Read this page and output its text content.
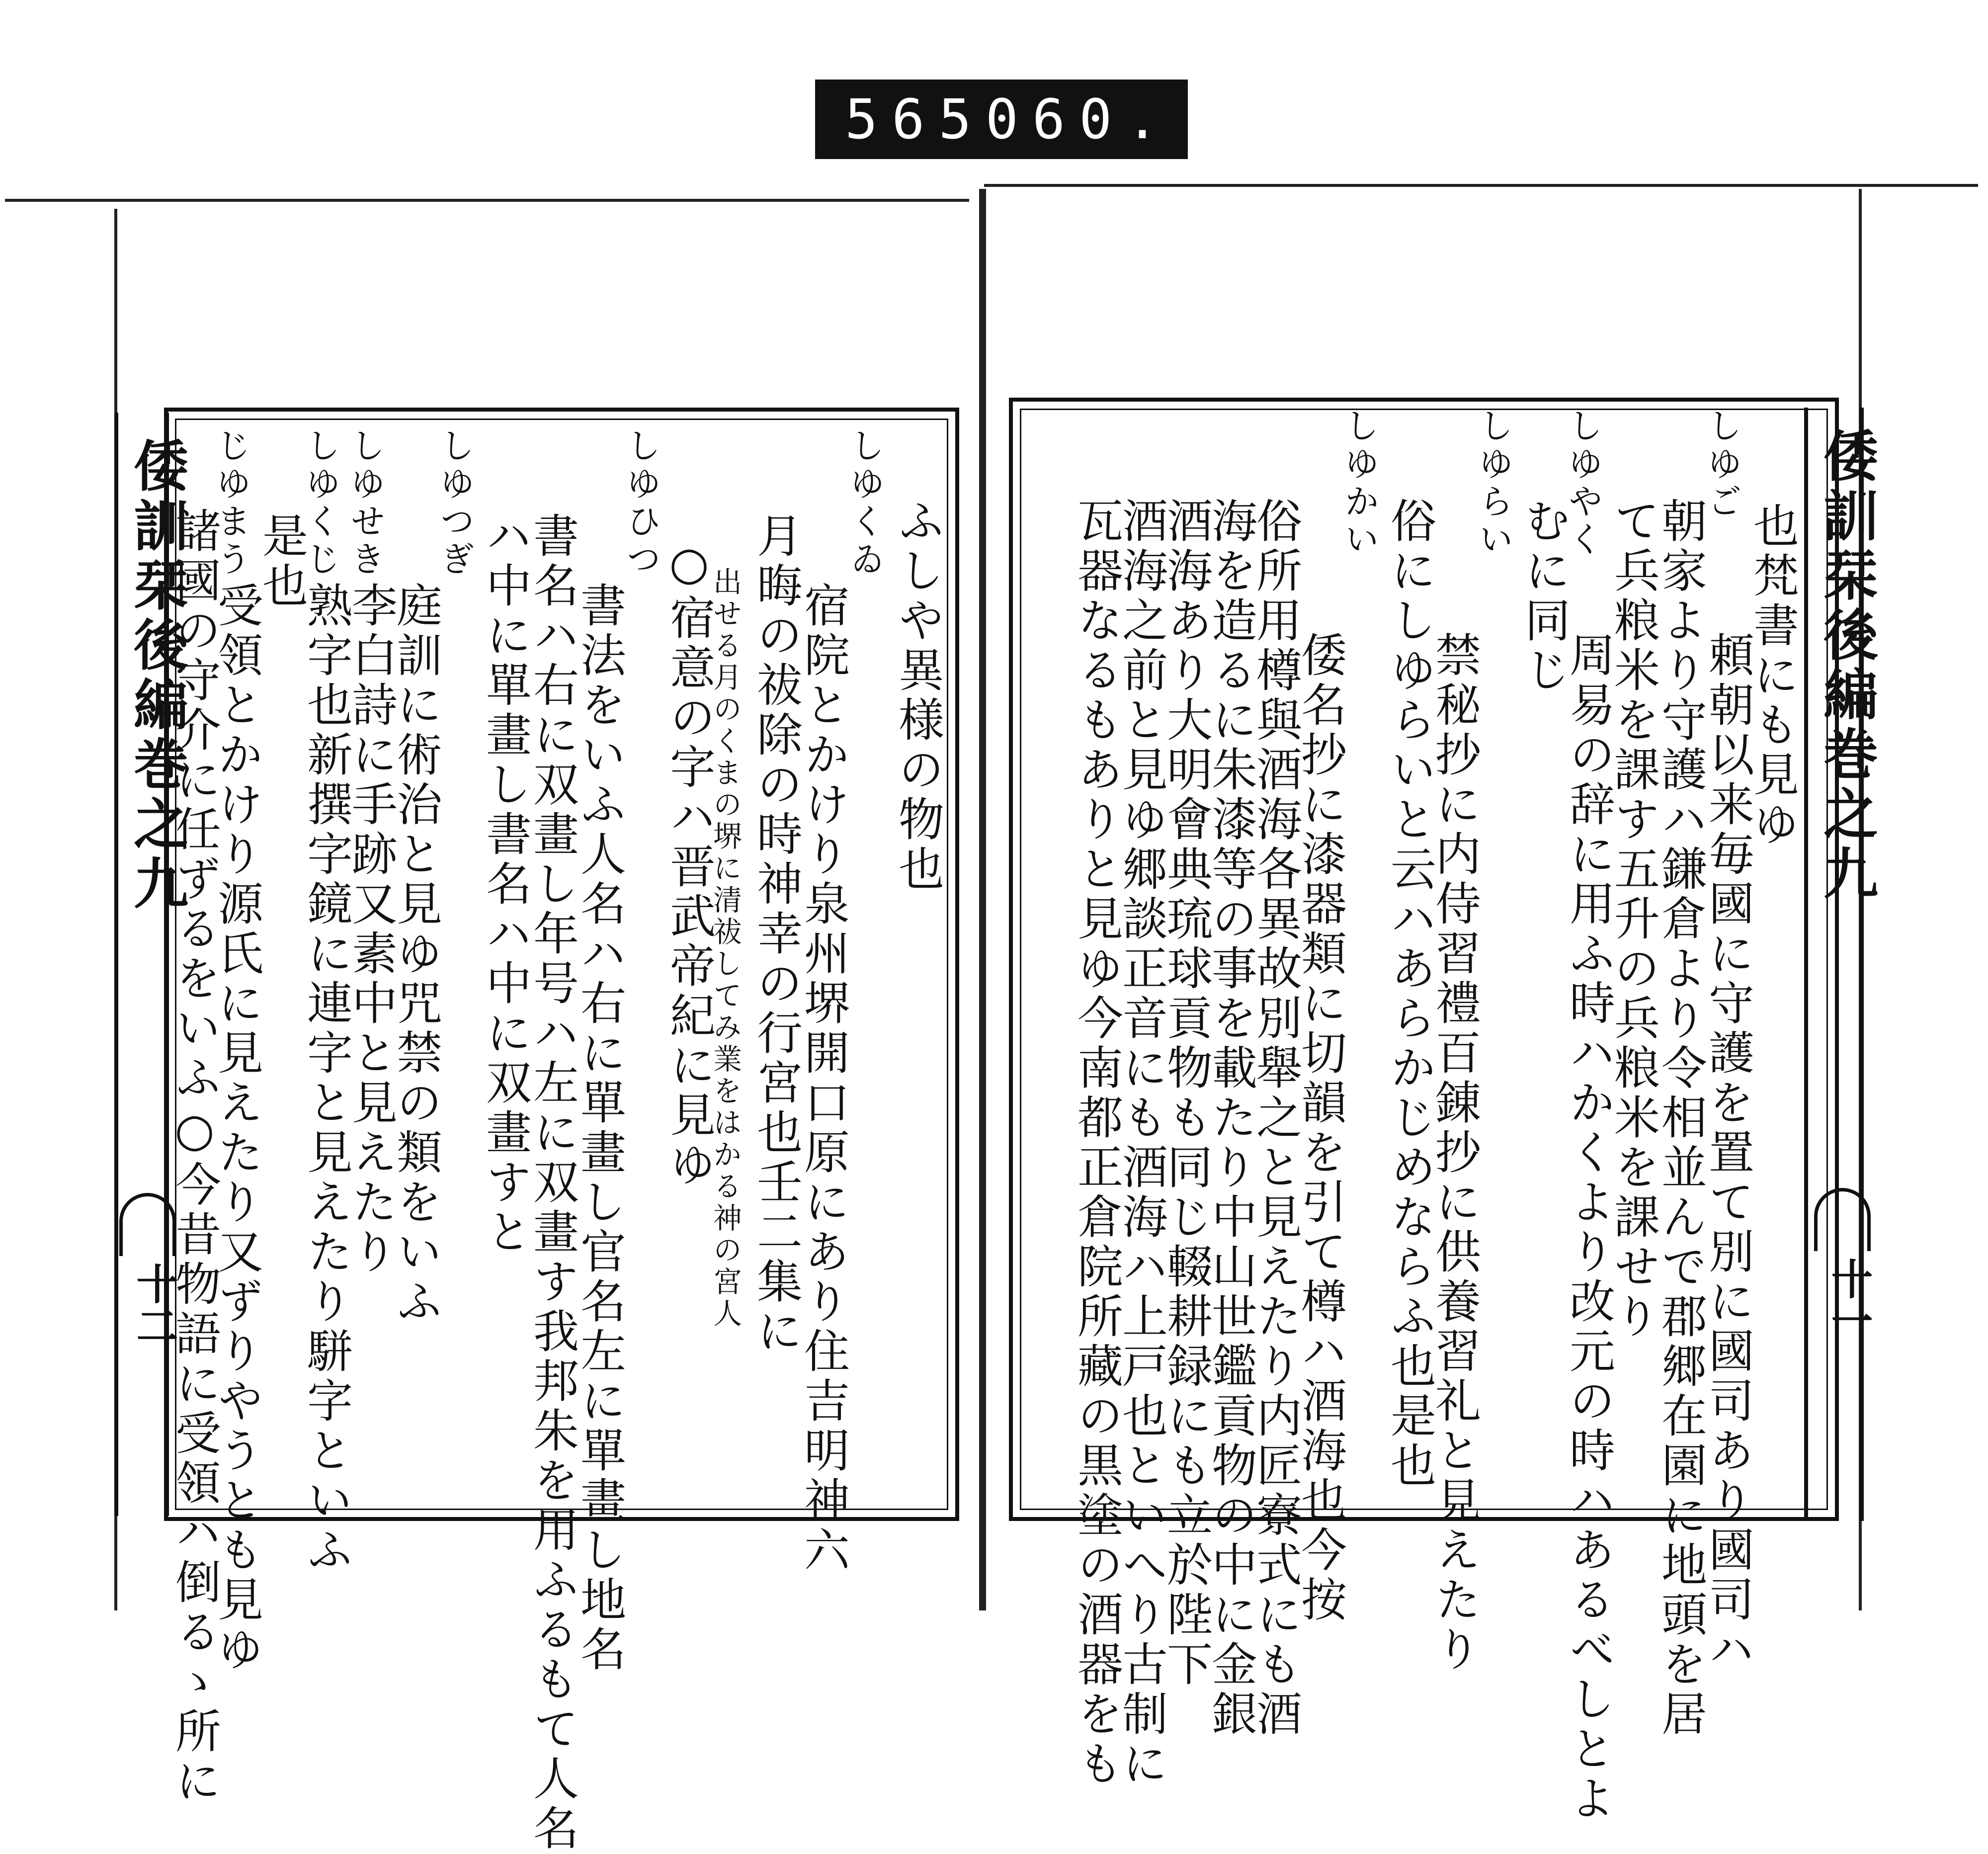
565 060.
倭訓栞後編巻之九
十二
ふしや異様の物也
しゆくゐ
宿院とかけり泉州堺開口原にあり住吉明神六
月晦の祓除の時神幸の行宮也壬二集に
出せる月のくまの堺に清祓してみ業をはかる神の宮人
○宿意の字ハ晋武帝紀に見ゆ
しゆひつ
書法をいふ人名ハ右に單畫し官名左に單畫し地名
書名ハ右に双畫し年号ハ左に双畫す我邦朱を用ふるもて人名
ハ中に單畫し書名ハ中に双畫すと
しゆつぎ
庭訓に術治と見ゆ咒禁の類をいふ
しゆせき
李白詩に手跡又素中と見えたり
しゆくじ
熟字也新撰字鏡に連字と見えたり駢字といふ
是也
じゆまう
受領とかけり源氏に見えたり又ずりやうとも見ゆ
諸國の守介に任ずるをいふ○今昔物語に受領ハ倒るゝ所に	倭訓栞後編巻之九
十一
也梵書にも見ゆ
しゆご
頼朝以来毎國に守護を置て別に國司あり國司ハ
朝家より守護ハ鎌倉より令相並んで郡郷在園に地頭を居
て兵粮米を課す五升の兵粮米を課せり
しゆやく
周易の辞に用ふ時ハかくより改元の時ハあるべしとよ
むに同じ
しゆらい
禁秘抄に内侍習禮百錬抄に供養習礼と見えたり
俗にしゆらいと云ハあらかじめならふ也是也
しゆかい
倭名抄に漆器類に切韻を引て樽ハ酒海也今按
俗所用樽與酒海各異故別舉之と見えたり内匠寮式にも酒
海を造るに朱漆等の事を載たり中山世鑑貢物の中に金銀
酒海あり大明會典琉球貢物も同じ輟耕録にも立於陛下
酒海之前と見ゆ郷談正音にも酒海ハ上戸也といへり古制に
瓦器なるもありと見ゆ今南都正倉院所藏の黒塗の酒器をも
